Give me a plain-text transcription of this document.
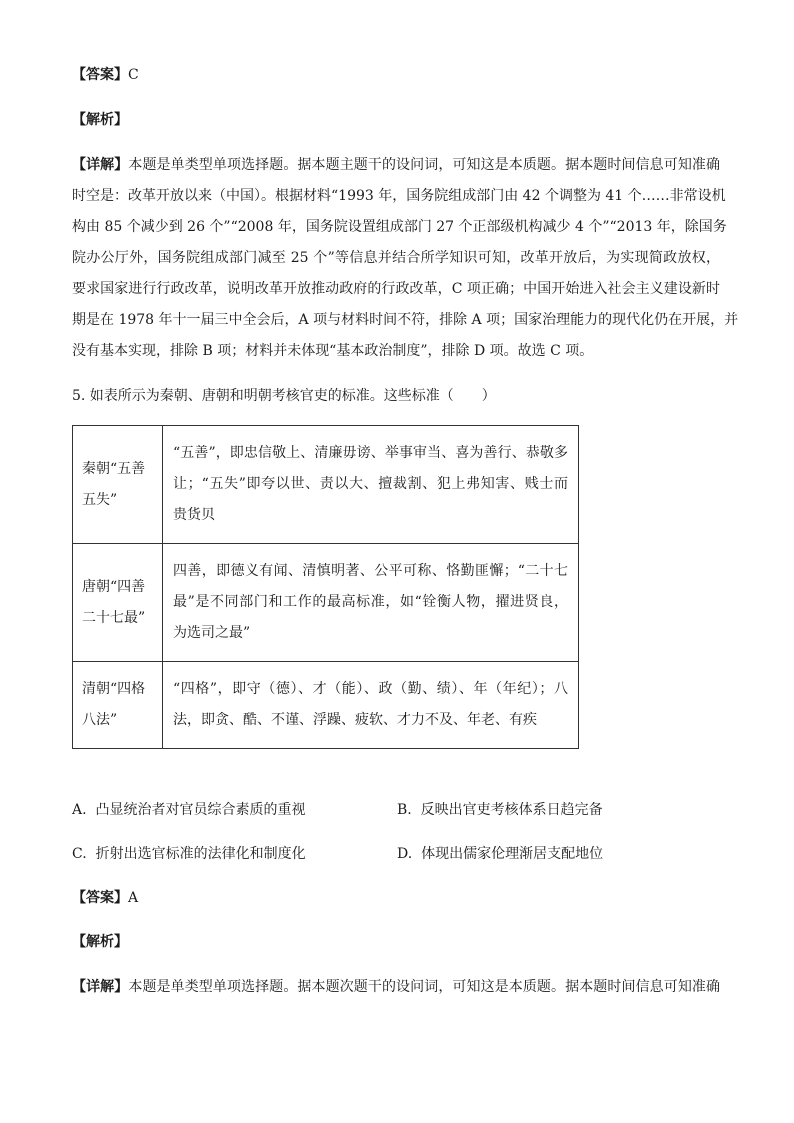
【答案】C
【解析】
【详解】本题是单类型单项选择题。据本题主题干的设问词，可知这是本质题。据本题时间信息可知准确
时空是：改革开放以来（中国）。根据材料“1993 年，国务院组成部门由 42 个调整为 41 个……非常设机
构由 85 个减少到 26 个”“2008 年，国务院设置组成部门 27 个正部级机构减少 4 个”“2013 年，除国务
院办公厅外，国务院组成部门减至 25 个”等信息并结合所学知识可知，改革开放后，为实现简政放权，
要求国家进行行政改革，说明改革开放推动政府的行政改革，C 项正确；中国开始进入社会主义建设新时
期是在 1978 年十一届三中全会后，A 项与材料时间不符，排除 A 项；国家治理能力的现代化仍在开展，并
没有基本实现，排除 B 项；材料并未体现“基本政治制度”，排除 D 项。故选 C 项。
5. 如表所示为秦朝、唐朝和明朝考核官吏的标准。这些标准（　　）
秦朝“五善
五失”	“五善”，即忠信敬上、清廉毋谤、举事审当、喜为善行、恭敬多
让；“五失”即夸以世、责以大、擅裁割、犯上弗知害、贱士而
贵货贝

唐朝“四善
二十七最”	四善，即德义有闻、清慎明著、公平可称、恪勤匪懈；“二十七
最”是不同部门和工作的最高标准，如“铨衡人物，擢进贤良，
为选司之最”

清朝“四格
八法”	“四格”，即守（德）、才（能）、政（勤、绩）、年（年纪）；八
法，即贪、酷、不谨、浮躁、疲软、才力不及、年老、有疾
A. 凸显统治者对官员综合素质的重视	B. 反映出官吏考核体系日趋完备
C. 折射出选官标准的法律化和制度化	D. 体现出儒家伦理渐居支配地位
【答案】A
【解析】
【详解】本题是单类型单项选择题。据本题次题干的设问词，可知这是本质题。据本题时间信息可知准确
